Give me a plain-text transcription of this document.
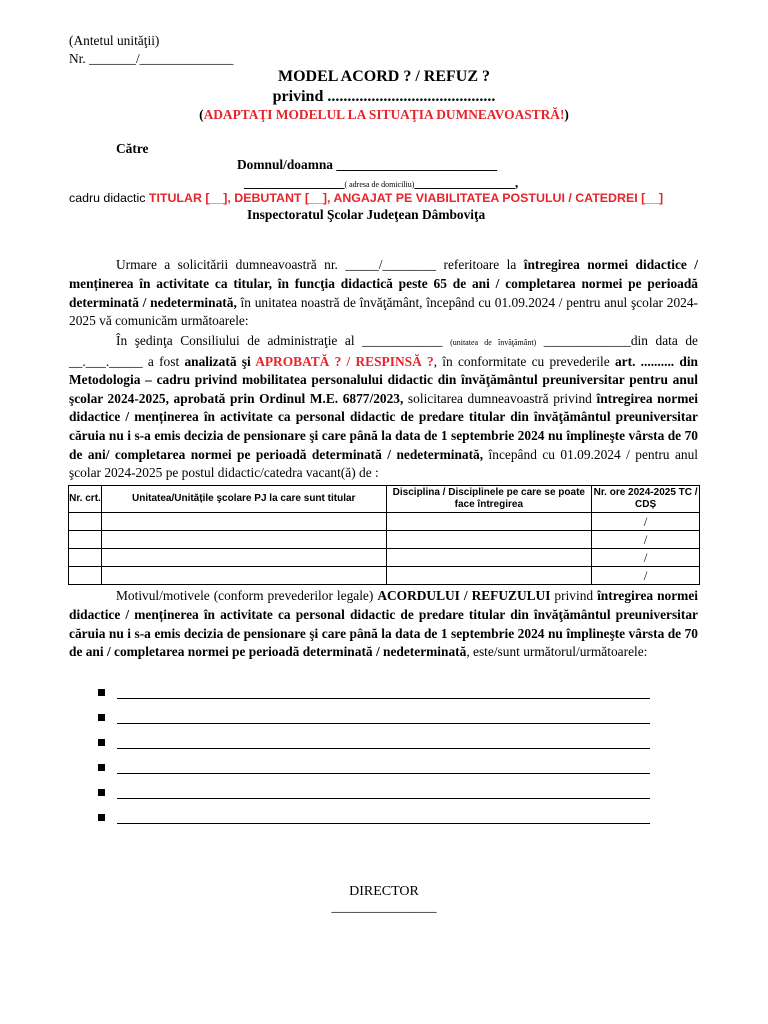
(Antetul unităţii)
Nr. _______/______________
MODEL ACORD ? / REFUZ ?
privind ..........................................
(ADAPTAŢI MODELUL LA SITUAŢIA DUMNEAVOASTRĂ!)
Către
Domnul/doamna ________________________
_______________( adresa de domiciliu)_______________,
cadru didactic TITULAR [__], DEBUTANT [__], ANGAJAT PE VIABILITATEA POSTULUI / CATEDREI [__]
Inspectoratul Şcolar Judeţean Dâmboviţa
Urmare a solicitării dumneavoastră nr. _____/________ referitoare la întregirea normei didactice / menținerea în activitate ca titular, în funcţia didactică peste 65 de ani / completarea normei pe perioadă determinată / nedeterminată, în unitatea noastră de învăţământ, începând cu 01.09.2024 / pentru anul şcolar 2024-2025 vă comunicăm următoarele:
În şedinţa Consiliului de administraţie al ____________ (unitatea de învăţământ) _____________din data de __.___._____ a fost analizată şi APROBATĂ ? / RESPINSĂ ?, în conformitate cu prevederile art. .......... din Metodologia – cadru privind mobilitatea personalului didactic din învăţământul preuniversitar pentru anul şcolar 2024-2025, aprobată prin Ordinul M.E. 6877/2023, solicitarea dumneavoastră privind întregirea normei didactice / menținerea în activitate ca personal didactic de predare titular din învăţământul preuniversitar căruia nu i s-a emis decizia de pensionare şi care până la data de 1 septembrie 2024 nu împlineşte vârsta de 70 de ani/ completarea normei pe perioadă determinată / nedeterminată, începând cu 01.09.2024 / pentru anul şcolar 2024-2025 pe postul didactic/catedra vacant(ă) de :
Nr. crt.	Unitatea/Unitățile şcolare PJ la care sunt titular	Disciplina / Disciplinele pe care se poate face întregirea	Nr. ore 2024-2025 TC / CDȘ
			/
			/
			/
			/
Motivul/motivele (conform prevederilor legale) ACORDULUI / REFUZULUI privind întregirea normei didactice / menținerea în activitate ca personal didactic de predare titular din învăţământul preuniversitar căruia nu i s-a emis decizia de pensionare şi care până la data de 1 septembrie 2024 nu împlineşte vârsta de 70 de ani / completarea normei pe perioadă determinată / nedeterminată, este/sunt următorul/următoarele:
DIRECTOR
_______________
